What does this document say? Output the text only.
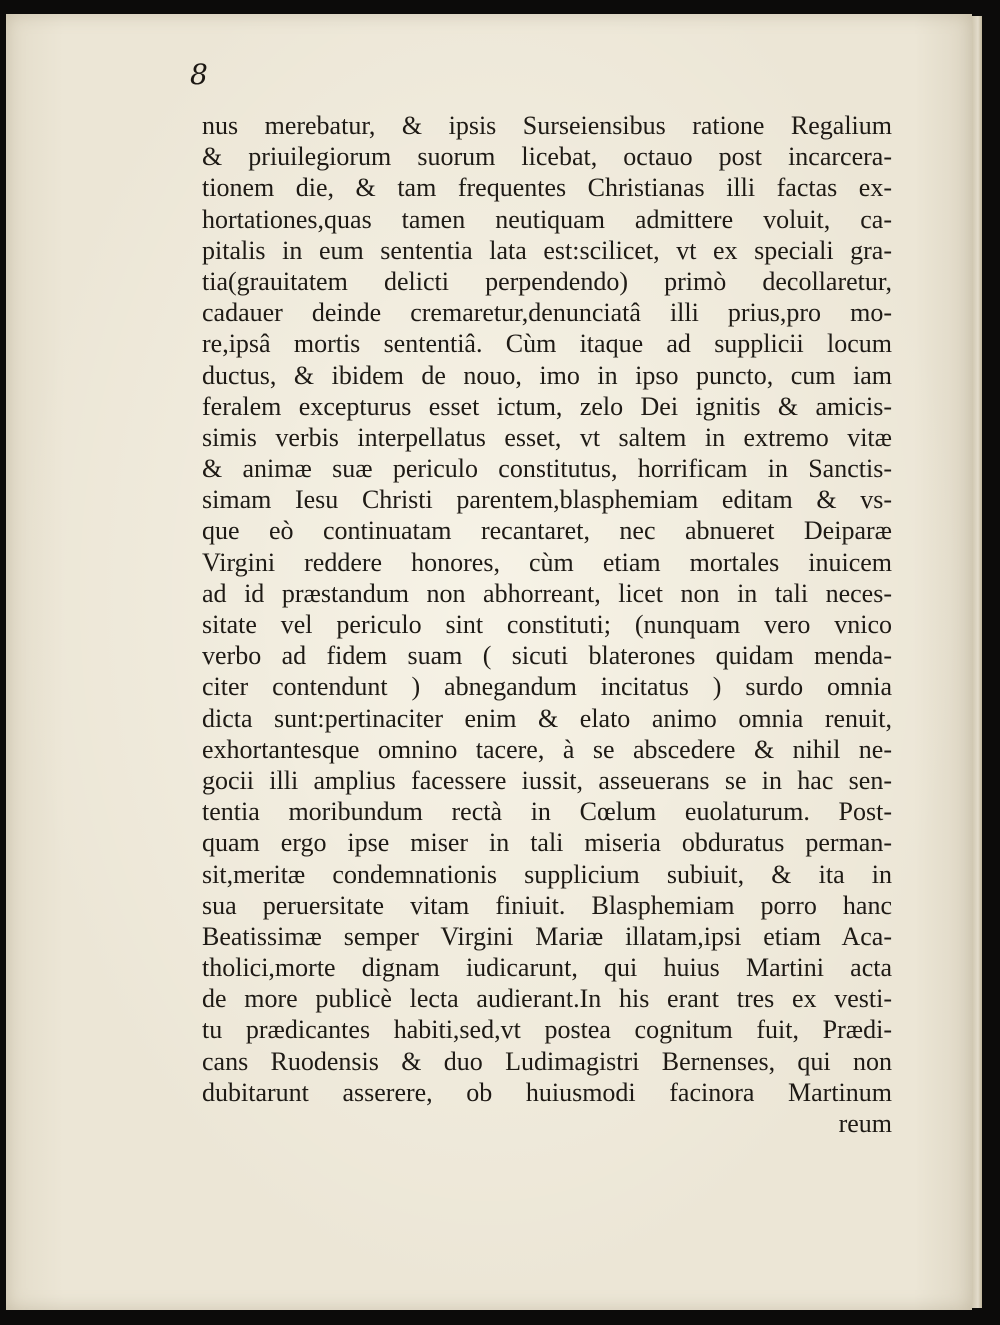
8

nus merebatur, & ipsis Surseiensibus ratione Regalium
& priuilegiorum suorum licebat, octauo post incarcera-
tionem die, & tam frequentes Christianas illi factas ex-
hortationes,quas tamen neutiquam admittere voluit, ca-
pitalis in eum sententia lata est:scilicet, vt ex speciali gra-
tia(grauitatem delicti perpendendo) primò decollaretur,
cadauer deinde cremaretur,denunciatâ illi prius,pro mo-
re,ipsâ mortis sententiâ. Cùm itaque ad supplicii locum
ductus, & ibidem de nouo, imo in ipso puncto, cum iam
feralem excepturus esset ictum, zelo Dei ignitis & amicis-
simis verbis interpellatus esset, vt saltem in extremo vitæ
& animæ suæ periculo constitutus, horrificam in Sanctis-
simam Iesu Christi parentem,blasphemiam editam & vs-
que eò continuatam recantaret, nec abnueret Deiparæ
Virgini reddere honores, cùm etiam mortales inuicem
ad id præstandum non abhorreant, licet non in tali neces-
sitate vel periculo sint constituti; (nunquam vero vnico
verbo ad fidem suam ( sicuti blaterones quidam menda-
citer contendunt ) abnegandum incitatus ) surdo omnia
dicta sunt:pertinaciter enim & elato animo omnia renuit,
exhortantesque omnino tacere, à se abscedere & nihil ne-
gocii illi amplius facessere iussit, asseuerans se in hac sen-
tentia moribundum rectà in Cœlum euolaturum. Post-
quam ergo ipse miser in tali miseria obduratus perman-
sit,meritæ condemnationis supplicium subiuit, & ita in
sua peruersitate vitam finiuit. Blasphemiam porro hanc
Beatissimæ semper Virgini Mariæ illatam,ipsi etiam Aca-
tholici,morte dignam iudicarunt, qui huius Martini acta
de more publicè lecta audierant.In his erant tres ex vesti-
tu prædicantes habiti,sed,vt postea cognitum fuit, Prædi-
cans Ruodensis & duo Ludimagistri Bernenses, qui non
dubitarunt asserere, ob huiusmodi facinora Martinum
reum
